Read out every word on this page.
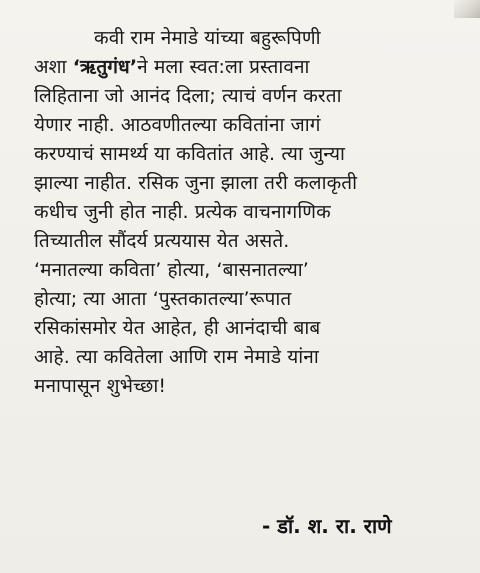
कवी राम नेमाडे यांच्या बहुरूपिणी
अशा ‘ऋतुगंध’ने मला स्वत:ला प्रस्तावना
लिहिताना जो आनंद दिला; त्याचं वर्णन करता
येणार नाही. आठवणीतल्या कवितांना जागं
करण्याचं सामर्थ्य या कवितांत आहे. त्या जुन्या
झाल्या नाहीत. रसिक जुना झाला तरी कलाकृती
कधीच जुनी होत नाही. प्रत्येक वाचनागणिक
तिच्यातील सौंदर्य प्रत्ययास येत असते.
‘मनातल्या कविता’ होत्या, ‘बासनातल्या’
होत्या; त्या आता ‘पुस्तकातल्या’रूपात
रसिकांसमोर येत आहेत, ही आनंदाची बाब
आहे. त्या कवितेला आणि राम नेमाडे यांना
मनापासून शुभेच्छा!
- डॉ. श. रा. राणे
